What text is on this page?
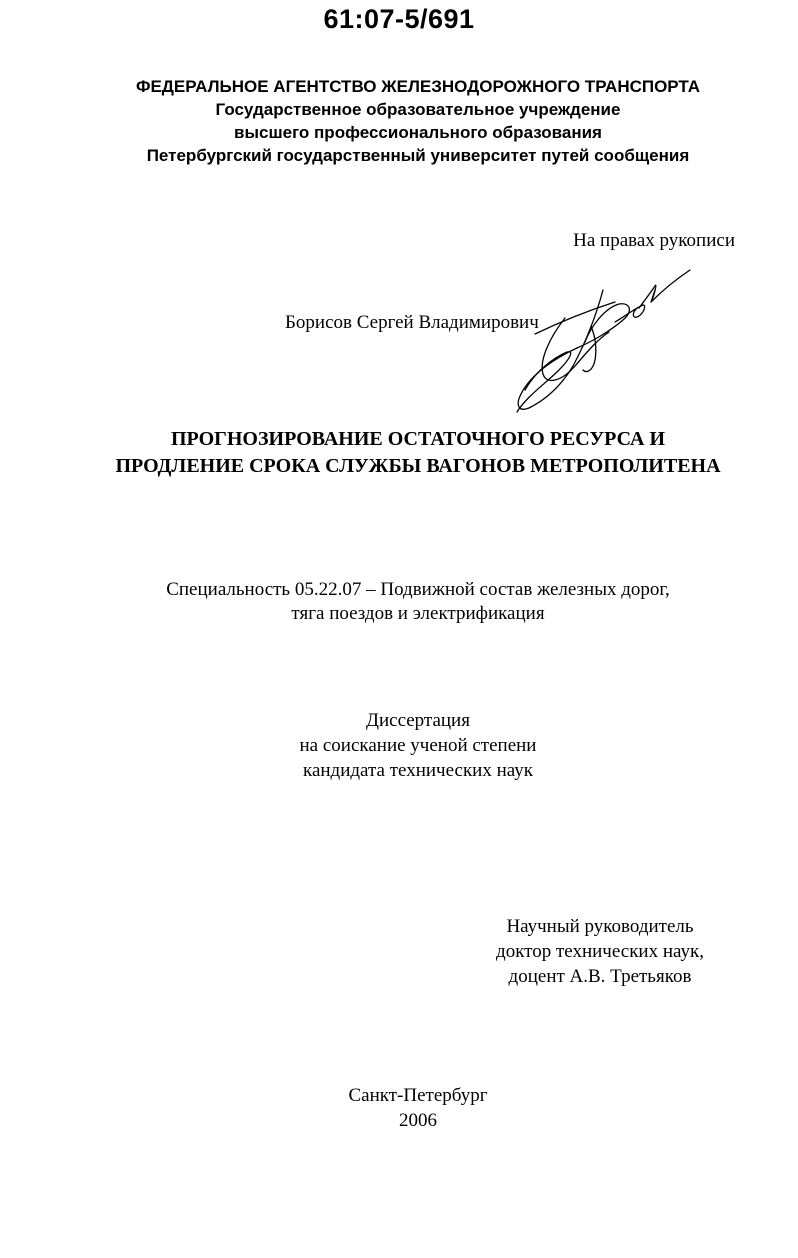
61:07-5/691
ФЕДЕРАЛЬНОЕ АГЕНТСТВО ЖЕЛЕЗНОДОРОЖНОГО ТРАНСПОРТА
Государственное образовательное учреждение
высшего профессионального образования
Петербургский государственный университет путей сообщения
На правах рукописи
Борисов Сергей Владимирович
ПРОГНОЗИРОВАНИЕ ОСТАТОЧНОГО РЕСУРСА И
ПРОДЛЕНИЕ СРОКА СЛУЖБЫ ВАГОНОВ МЕТРОПОЛИТЕНА
Специальность 05.22.07 – Подвижной состав железных дорог,
тяга поездов и электрификация
Диссертация
на соискание ученой степени
кандидата технических наук
Научный руководитель
доктор технических наук,
доцент А.В. Третьяков
Санкт-Петербург
2006
